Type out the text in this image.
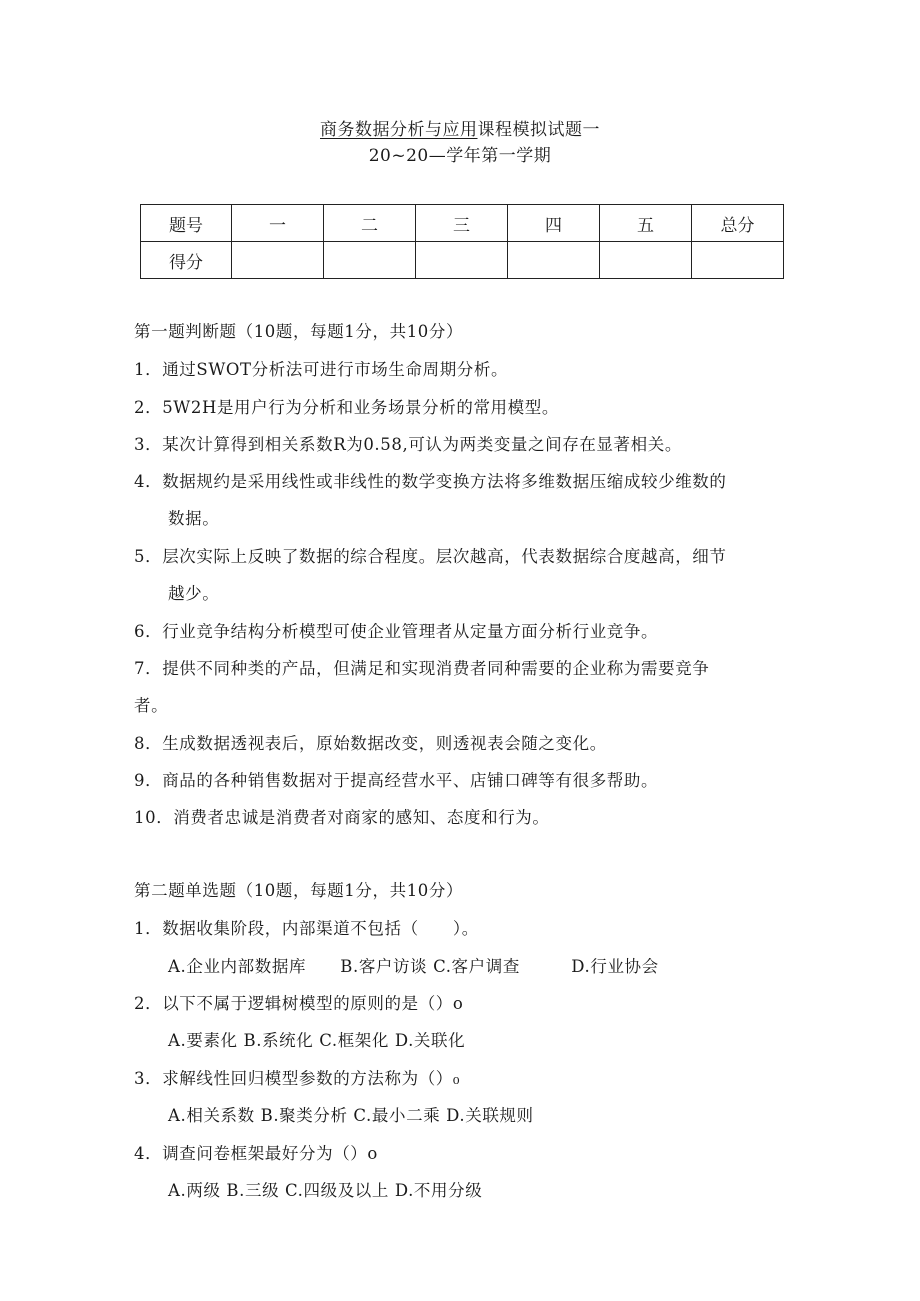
商务数据分析与应用课程模拟试题一
20~20—学年第一学期
题号	一	二	三	四	五	总分
得分						
第一题判断题（10题，每题1分，共10分）
1．通过SWOT分析法可进行市场生命周期分析。
2．5W2H是用户行为分析和业务场景分析的常用模型。
3．某次计算得到相关系数R为0.58,可认为两类变量之间存在显著相关。
4．数据规约是采用线性或非线性的数学变换方法将多维数据压缩成较少维数的
数据。
5．层次实际上反映了数据的综合程度。层次越高，代表数据综合度越高，细节
越少。
6．行业竞争结构分析模型可使企业管理者从定量方面分析行业竞争。
7．提供不同种类的产品，但满足和实现消费者同种需要的企业称为需要竞争
者。
8．生成数据透视表后，原始数据改变，则透视表会随之变化。
9．商品的各种销售数据对于提高经营水平、店铺口碑等有很多帮助。
10．消费者忠诚是消费者对商家的感知、态度和行为。
第二题单选题（10题，每题1分，共10分）
1．数据收集阶段，内部渠道不包括（　　）。
A.企业内部数据库　　B.客户访谈 C.客户调查　　　D.行业协会
2．以下不属于逻辑树模型的原则的是（）o
A.要素化 B.系统化 C.框架化 D.关联化
3．求解线性回归模型参数的方法称为（）₀
A.相关系数 B.聚类分析 C.最小二乘 D.关联规则
4．调查问卷框架最好分为（）o
A.两级 B.三级 C.四级及以上 D.不用分级
